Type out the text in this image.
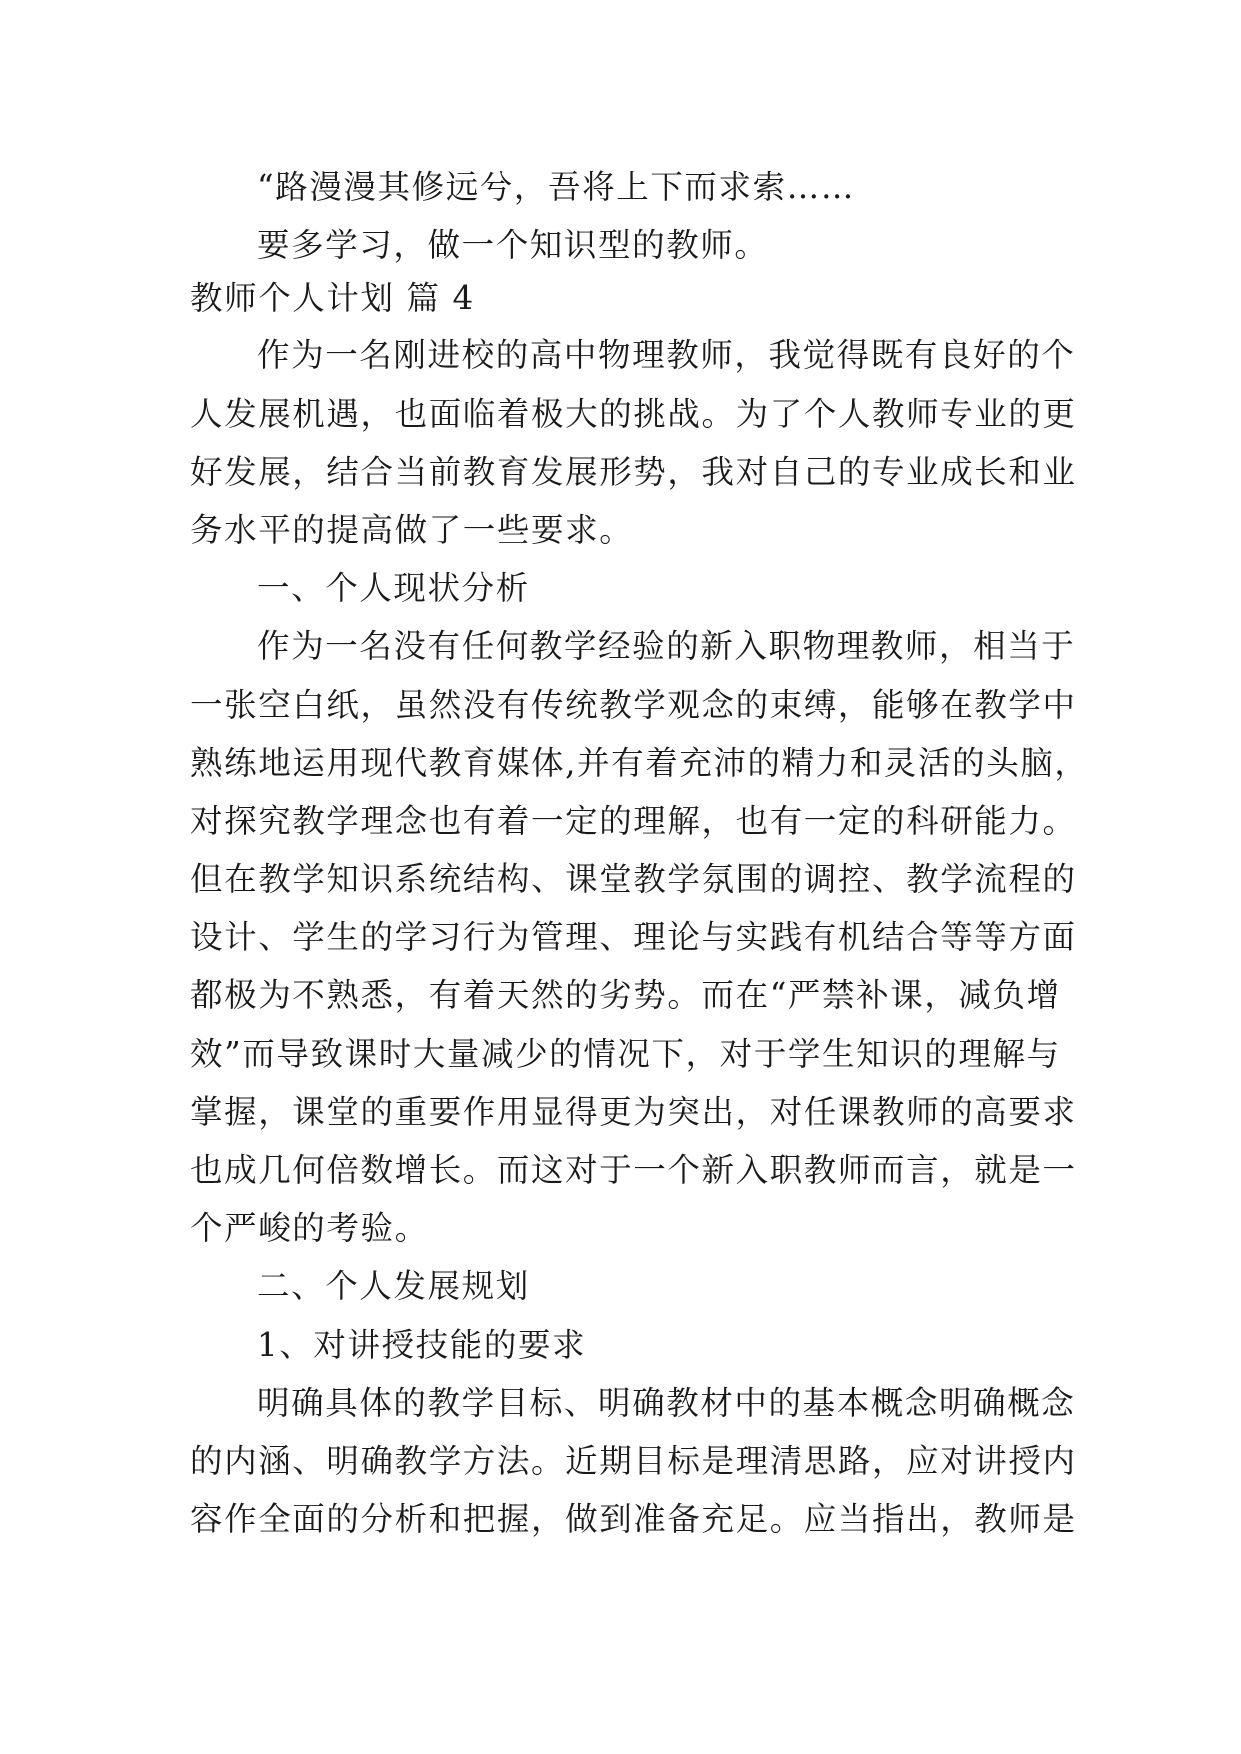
“路漫漫其修远兮，吾将上下而求索……
要多学习，做一个知识型的教师。
教师个人计划 篇 4
作为一名刚进校的高中物理教师，我觉得既有良好的个
人发展机遇，也面临着极大的挑战。为了个人教师专业的更
好发展，结合当前教育发展形势，我对自己的专业成长和业
务水平的提高做了一些要求。
一、个人现状分析
作为一名没有任何教学经验的新入职物理教师，相当于
一张空白纸，虽然没有传统教学观念的束缚，能够在教学中
熟练地运用现代教育媒体,并有着充沛的精力和灵活的头脑，
对探究教学理念也有着一定的理解，也有一定的科研能力。
但在教学知识系统结构、课堂教学氛围的调控、教学流程的
设计、学生的学习行为管理、理论与实践有机结合等等方面
都极为不熟悉，有着天然的劣势。而在“严禁补课，减负增
效”而导致课时大量减少的情况下，对于学生知识的理解与
掌握，课堂的重要作用显得更为突出，对任课教师的高要求
也成几何倍数增长。而这对于一个新入职教师而言，就是一
个严峻的考验。
二、个人发展规划
1、对讲授技能的要求
明确具体的教学目标、明确教材中的基本概念明确概念
的内涵、明确教学方法。近期目标是理清思路，应对讲授内
容作全面的分析和把握，做到准备充足。应当指出，教师是
